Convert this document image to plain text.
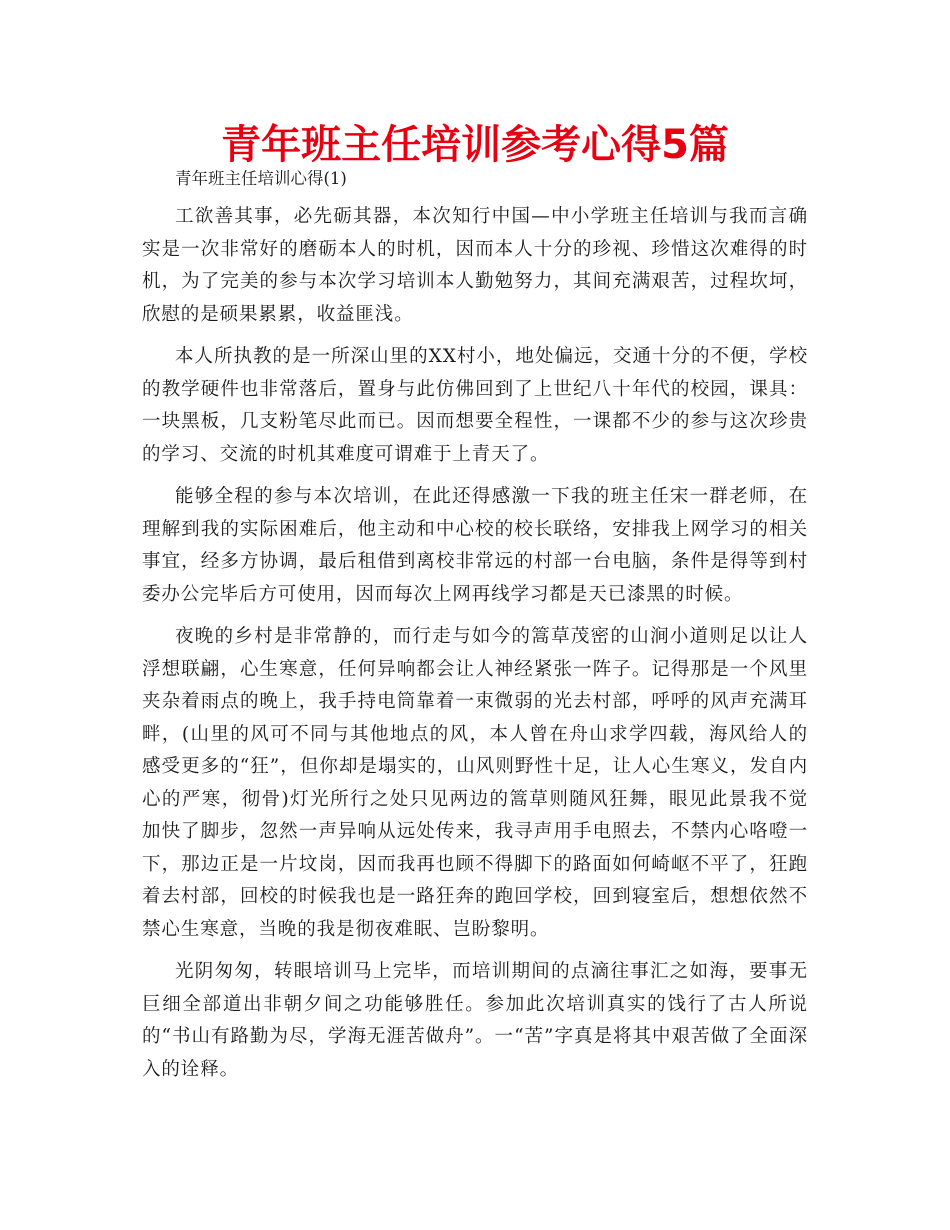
青年班主任培训参考心得5篇

青年班主任培训心得(1)

工欲善其事，必先砺其器，本次知行中国—中小学班主任培训与我而言确实是一次非常好的磨砺本人的时机，因而本人十分的珍视、珍惜这次难得的时机，为了完美的参与本次学习培训本人勤勉努力，其间充满艰苦，过程坎坷，欣慰的是硕果累累，收益匪浅。

本人所执教的是一所深山里的XX村小，地处偏远，交通十分的不便，学校的教学硬件也非常落后，置身与此仿佛回到了上世纪八十年代的校园，课具：一块黑板，几支粉笔尽此而已。因而想要全程性，一课都不少的参与这次珍贵的学习、交流的时机其难度可谓难于上青天了。

能够全程的参与本次培训，在此还得感激一下我的班主任宋一群老师，在理解到我的实际困难后，他主动和中心校的校长联络，安排我上网学习的相关事宜，经多方协调，最后租借到离校非常远的村部一台电脑，条件是得等到村委办公完毕后方可使用，因而每次上网再线学习都是天已漆黑的时候。

夜晚的乡村是非常静的，而行走与如今的篙草茂密的山涧小道则足以让人浮想联翩，心生寒意，任何异响都会让人神经紧张一阵子。记得那是一个风里夹杂着雨点的晚上，我手持电筒靠着一束微弱的光去村部，呼呼的风声充满耳畔，(山里的风可不同与其他地点的风，本人曾在舟山求学四载，海风给人的感受更多的“狂”，但你却是塌实的，山风则野性十足，让人心生寒义，发自内心的严寒，彻骨)灯光所行之处只见两边的篙草则随风狂舞，眼见此景我不觉加快了脚步，忽然一声异响从远处传来，我寻声用手电照去，不禁内心咯噔一下，那边正是一片坟岗，因而我再也顾不得脚下的路面如何崎岖不平了，狂跑着去村部，回校的时候我也是一路狂奔的跑回学校，回到寝室后，想想依然不禁心生寒意，当晚的我是彻夜难眠、岂盼黎明。

光阴匆匆，转眼培训马上完毕，而培训期间的点滴往事汇之如海，要事无巨细全部道出非朝夕间之功能够胜任。参加此次培训真实的饯行了古人所说的“书山有路勤为尽，学海无涯苦做舟”。一“苦”字真是将其中艰苦做了全面深入的诠释。
